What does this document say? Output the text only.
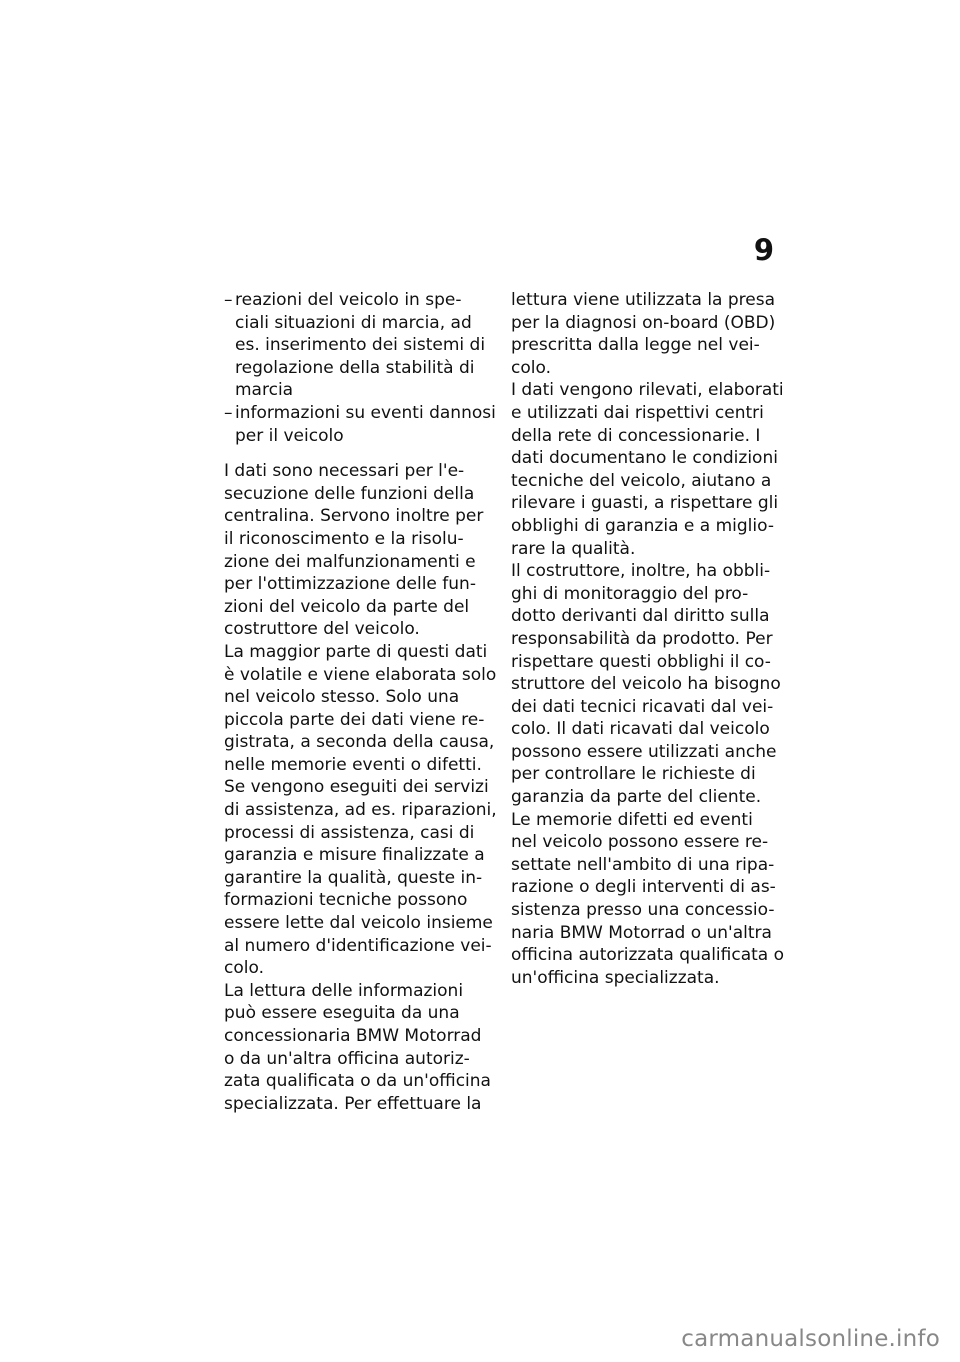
9
– reazioni del veicolo in spe-
ciali situazioni di marcia, ad
es. inserimento dei sistemi di
regolazione della stabilità di
marcia
– informazioni su eventi dannosi
per il veicolo
I dati sono necessari per l'e-
secuzione delle funzioni della
centralina. Servono inoltre per
il riconoscimento e la risolu-
zione dei malfunzionamenti e
per l'ottimizzazione delle fun-
zioni del veicolo da parte del
costruttore del veicolo.
La maggior parte di questi dati
è volatile e viene elaborata solo
nel veicolo stesso. Solo una
piccola parte dei dati viene re-
gistrata, a seconda della causa,
nelle memorie eventi o difetti.
Se vengono eseguiti dei servizi
di assistenza, ad es. riparazioni,
processi di assistenza, casi di
garanzia e misure finalizzate a
garantire la qualità, queste in-
formazioni tecniche possono
essere lette dal veicolo insieme
al numero d'identificazione vei-
colo.
La lettura delle informazioni
può essere eseguita da una
concessionaria BMW Motorrad
o da un'altra officina autoriz-
zata qualificata o da un'officina
specializzata. Per effettuare la
lettura viene utilizzata la presa
per la diagnosi on-board (OBD)
prescritta dalla legge nel vei-
colo.
I dati vengono rilevati, elaborati
e utilizzati dai rispettivi centri
della rete di concessionarie. I
dati documentano le condizioni
tecniche del veicolo, aiutano a
rilevare i guasti, a rispettare gli
obblighi di garanzia e a miglio-
rare la qualità.
Il costruttore, inoltre, ha obbli-
ghi di monitoraggio del pro-
dotto derivanti dal diritto sulla
responsabilità da prodotto. Per
rispettare questi obblighi il co-
struttore del veicolo ha bisogno
dei dati tecnici ricavati dal vei-
colo. Il dati ricavati dal veicolo
possono essere utilizzati anche
per controllare le richieste di
garanzia da parte del cliente.
Le memorie difetti ed eventi
nel veicolo possono essere re-
settate nell'ambito di una ripa-
razione o degli interventi di as-
sistenza presso una concessio-
naria BMW Motorrad o un'altra
officina autorizzata qualificata o
un'officina specializzata.
carmanualsonline.info
